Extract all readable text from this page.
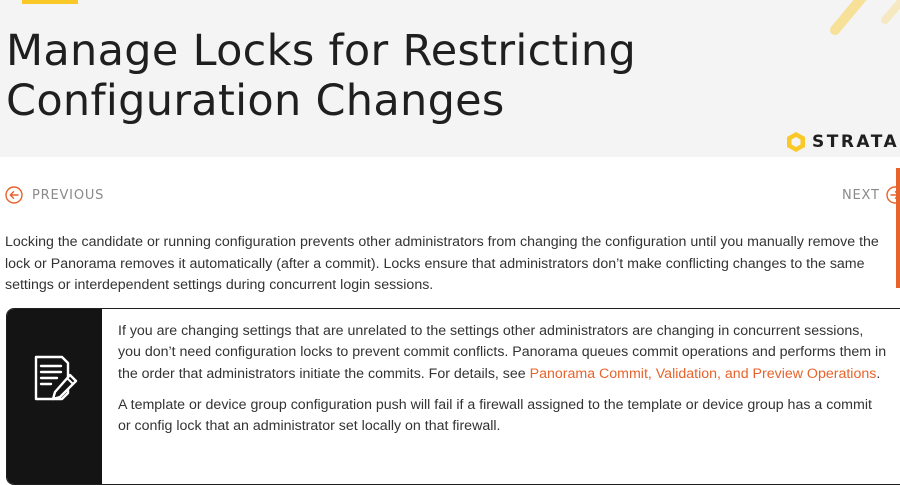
Manage Locks for Restricting
Configuration Changes
STRATA
PREVIOUS	NEXT

Locking the candidate or running configuration prevents other administrators from changing the configuration until you manually remove the lock or Panorama removes it automatically (after a commit). Locks ensure that administrators don’t make conflicting changes to the same settings or interdependent settings during concurrent login sessions.

If you are changing settings that are unrelated to the settings other administrators are changing in concurrent sessions, you don’t need configuration locks to prevent commit conflicts. Panorama queues commit operations and performs them in the order that administrators initiate the commits. For details, see Panorama Commit, Validation, and Preview Operations.

A template or device group configuration push will fail if a firewall assigned to the template or device group has a commit or config lock that an administrator set locally on that firewall.
